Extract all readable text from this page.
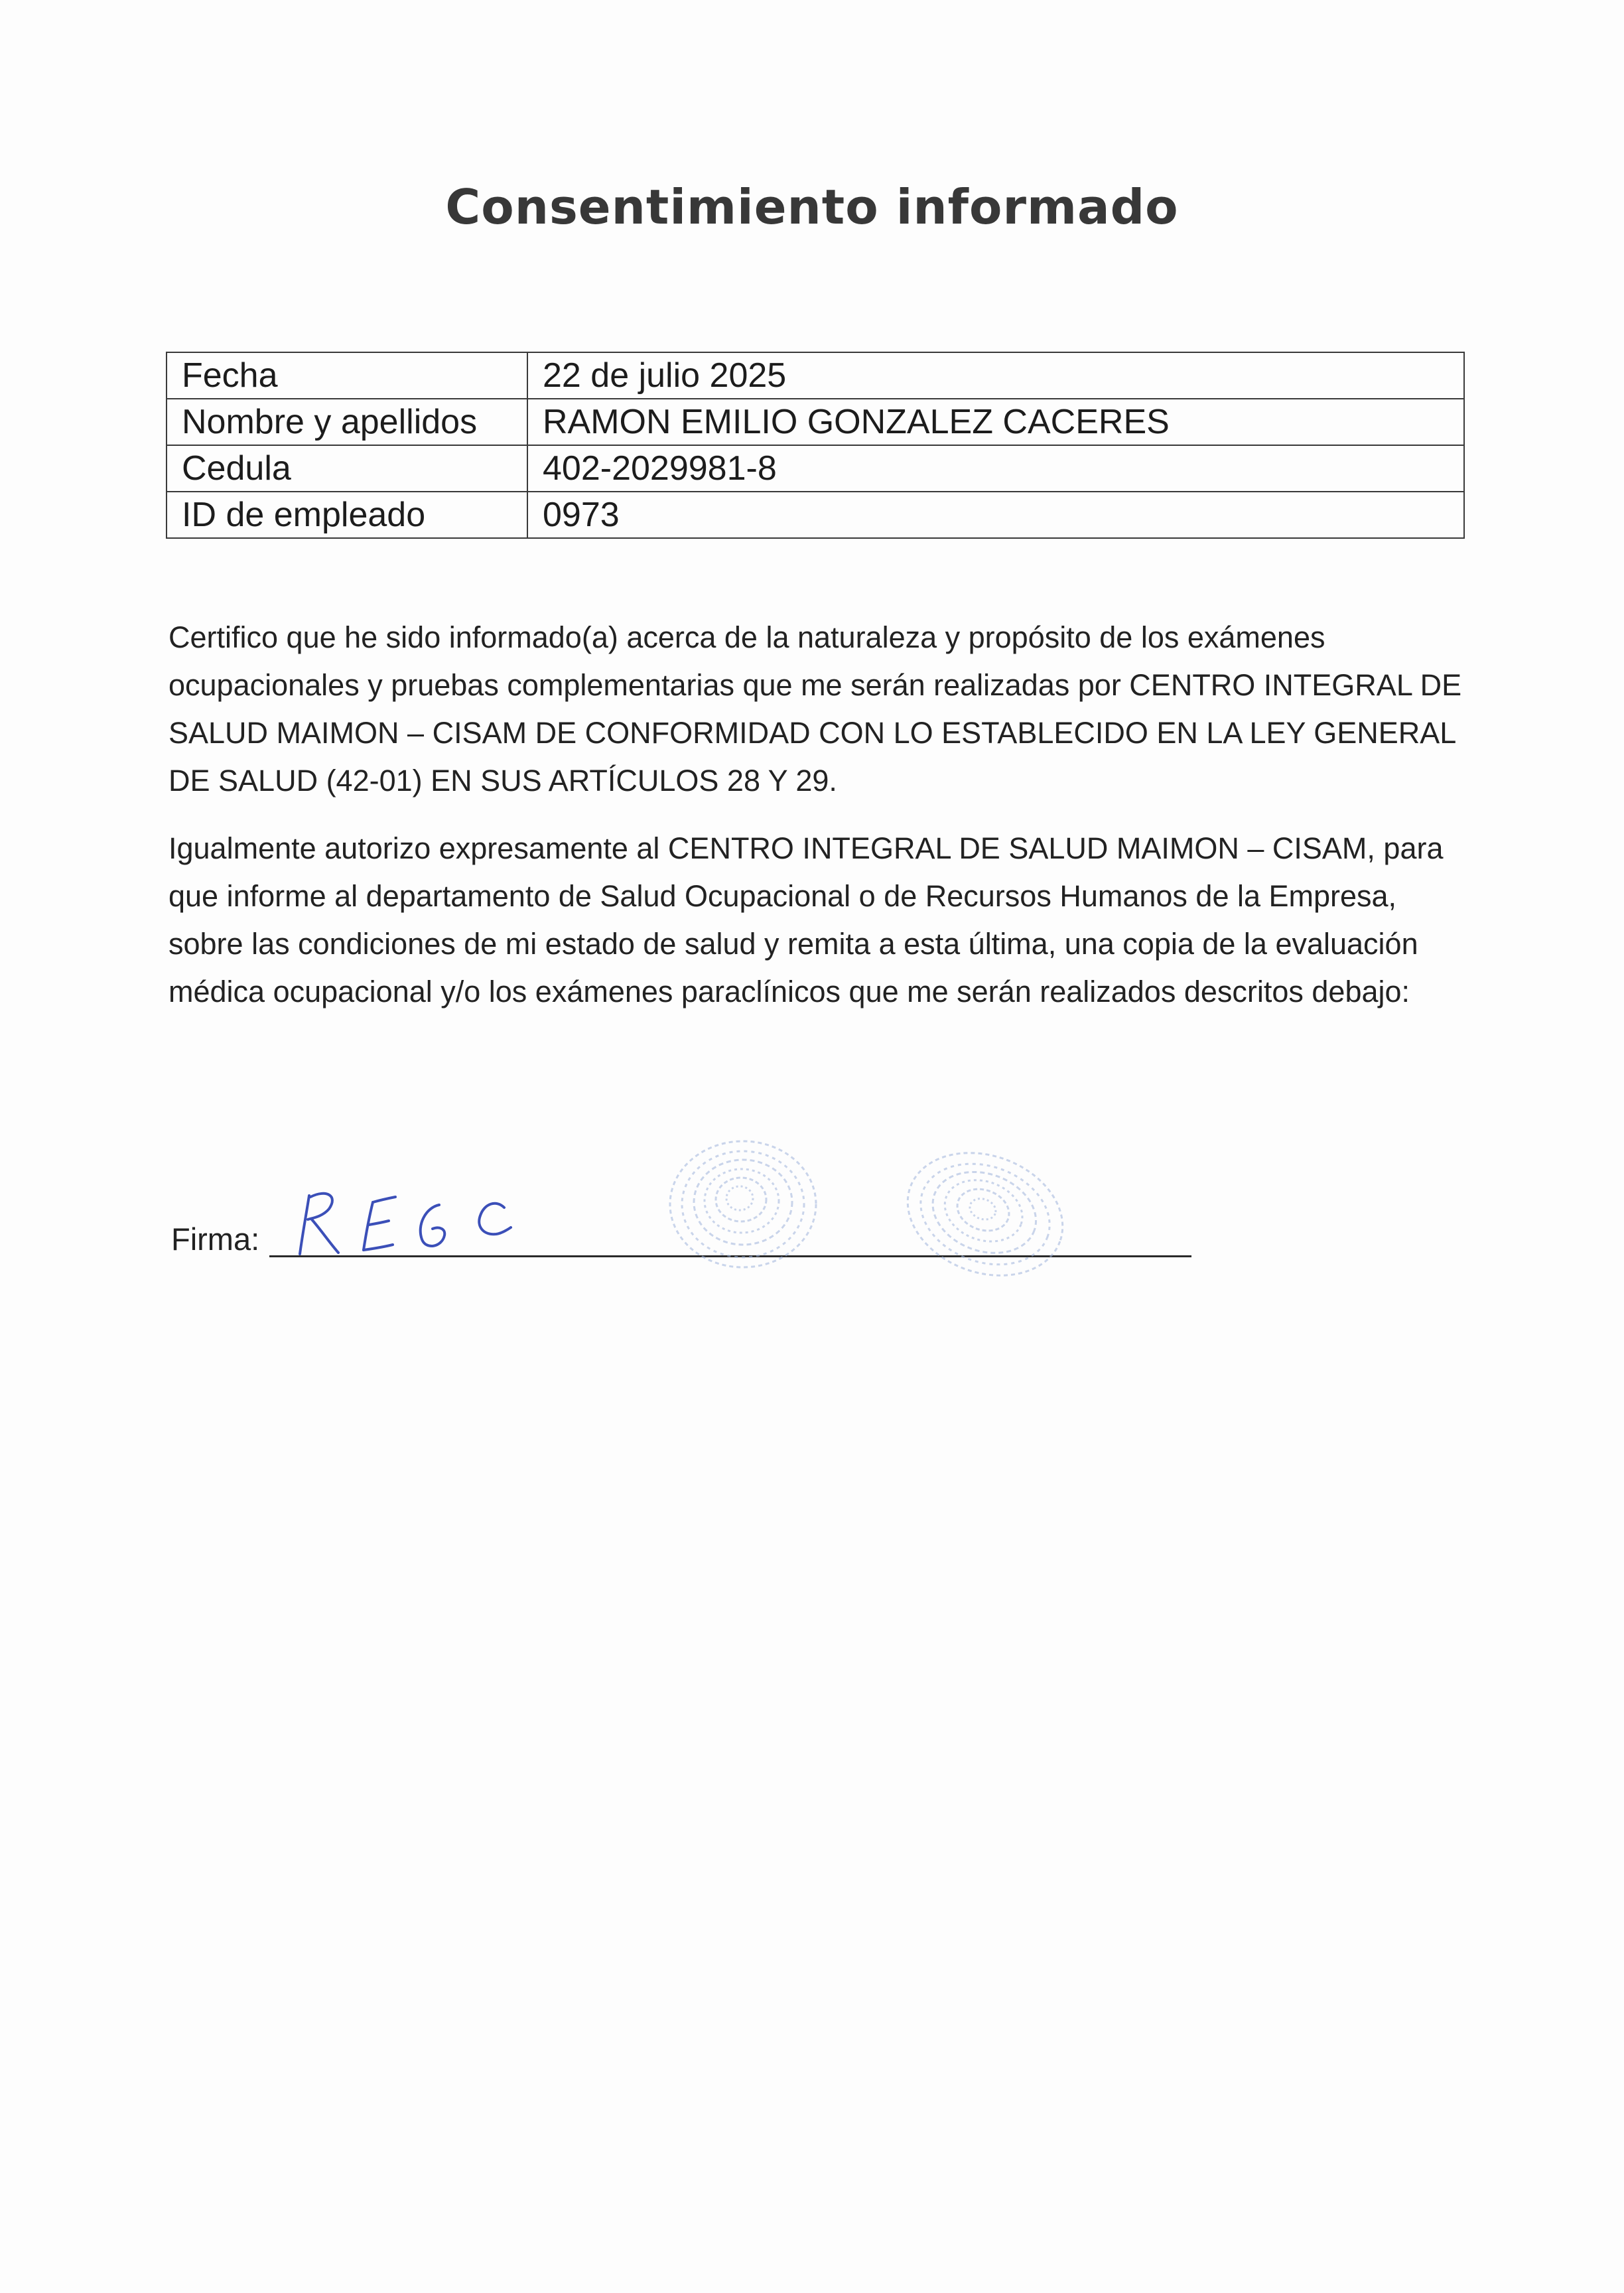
Consentimiento informado
Fecha	22 de julio 2025
Nombre y apellidos	RAMON EMILIO GONZALEZ CACERES
Cedula	402-2029981-8
ID de empleado	0973

Certifico que he sido informado(a) acerca de la naturaleza y propósito de los exámenes ocupacionales y pruebas complementarias que me serán realizadas por CENTRO INTEGRAL DE SALUD MAIMON – CISAM DE CONFORMIDAD CON LO ESTABLECIDO EN LA LEY GENERAL DE SALUD (42-01) EN SUS ARTÍCULOS 28 Y 29.

Igualmente autorizo expresamente al CENTRO INTEGRAL DE SALUD MAIMON – CISAM, para que informe al departamento de Salud Ocupacional o de Recursos Humanos de la Empresa, sobre las condiciones de mi estado de salud y remita a esta última, una copia de la evaluación médica ocupacional y/o los exámenes paraclínicos que me serán realizados descritos debajo:

Firma:
